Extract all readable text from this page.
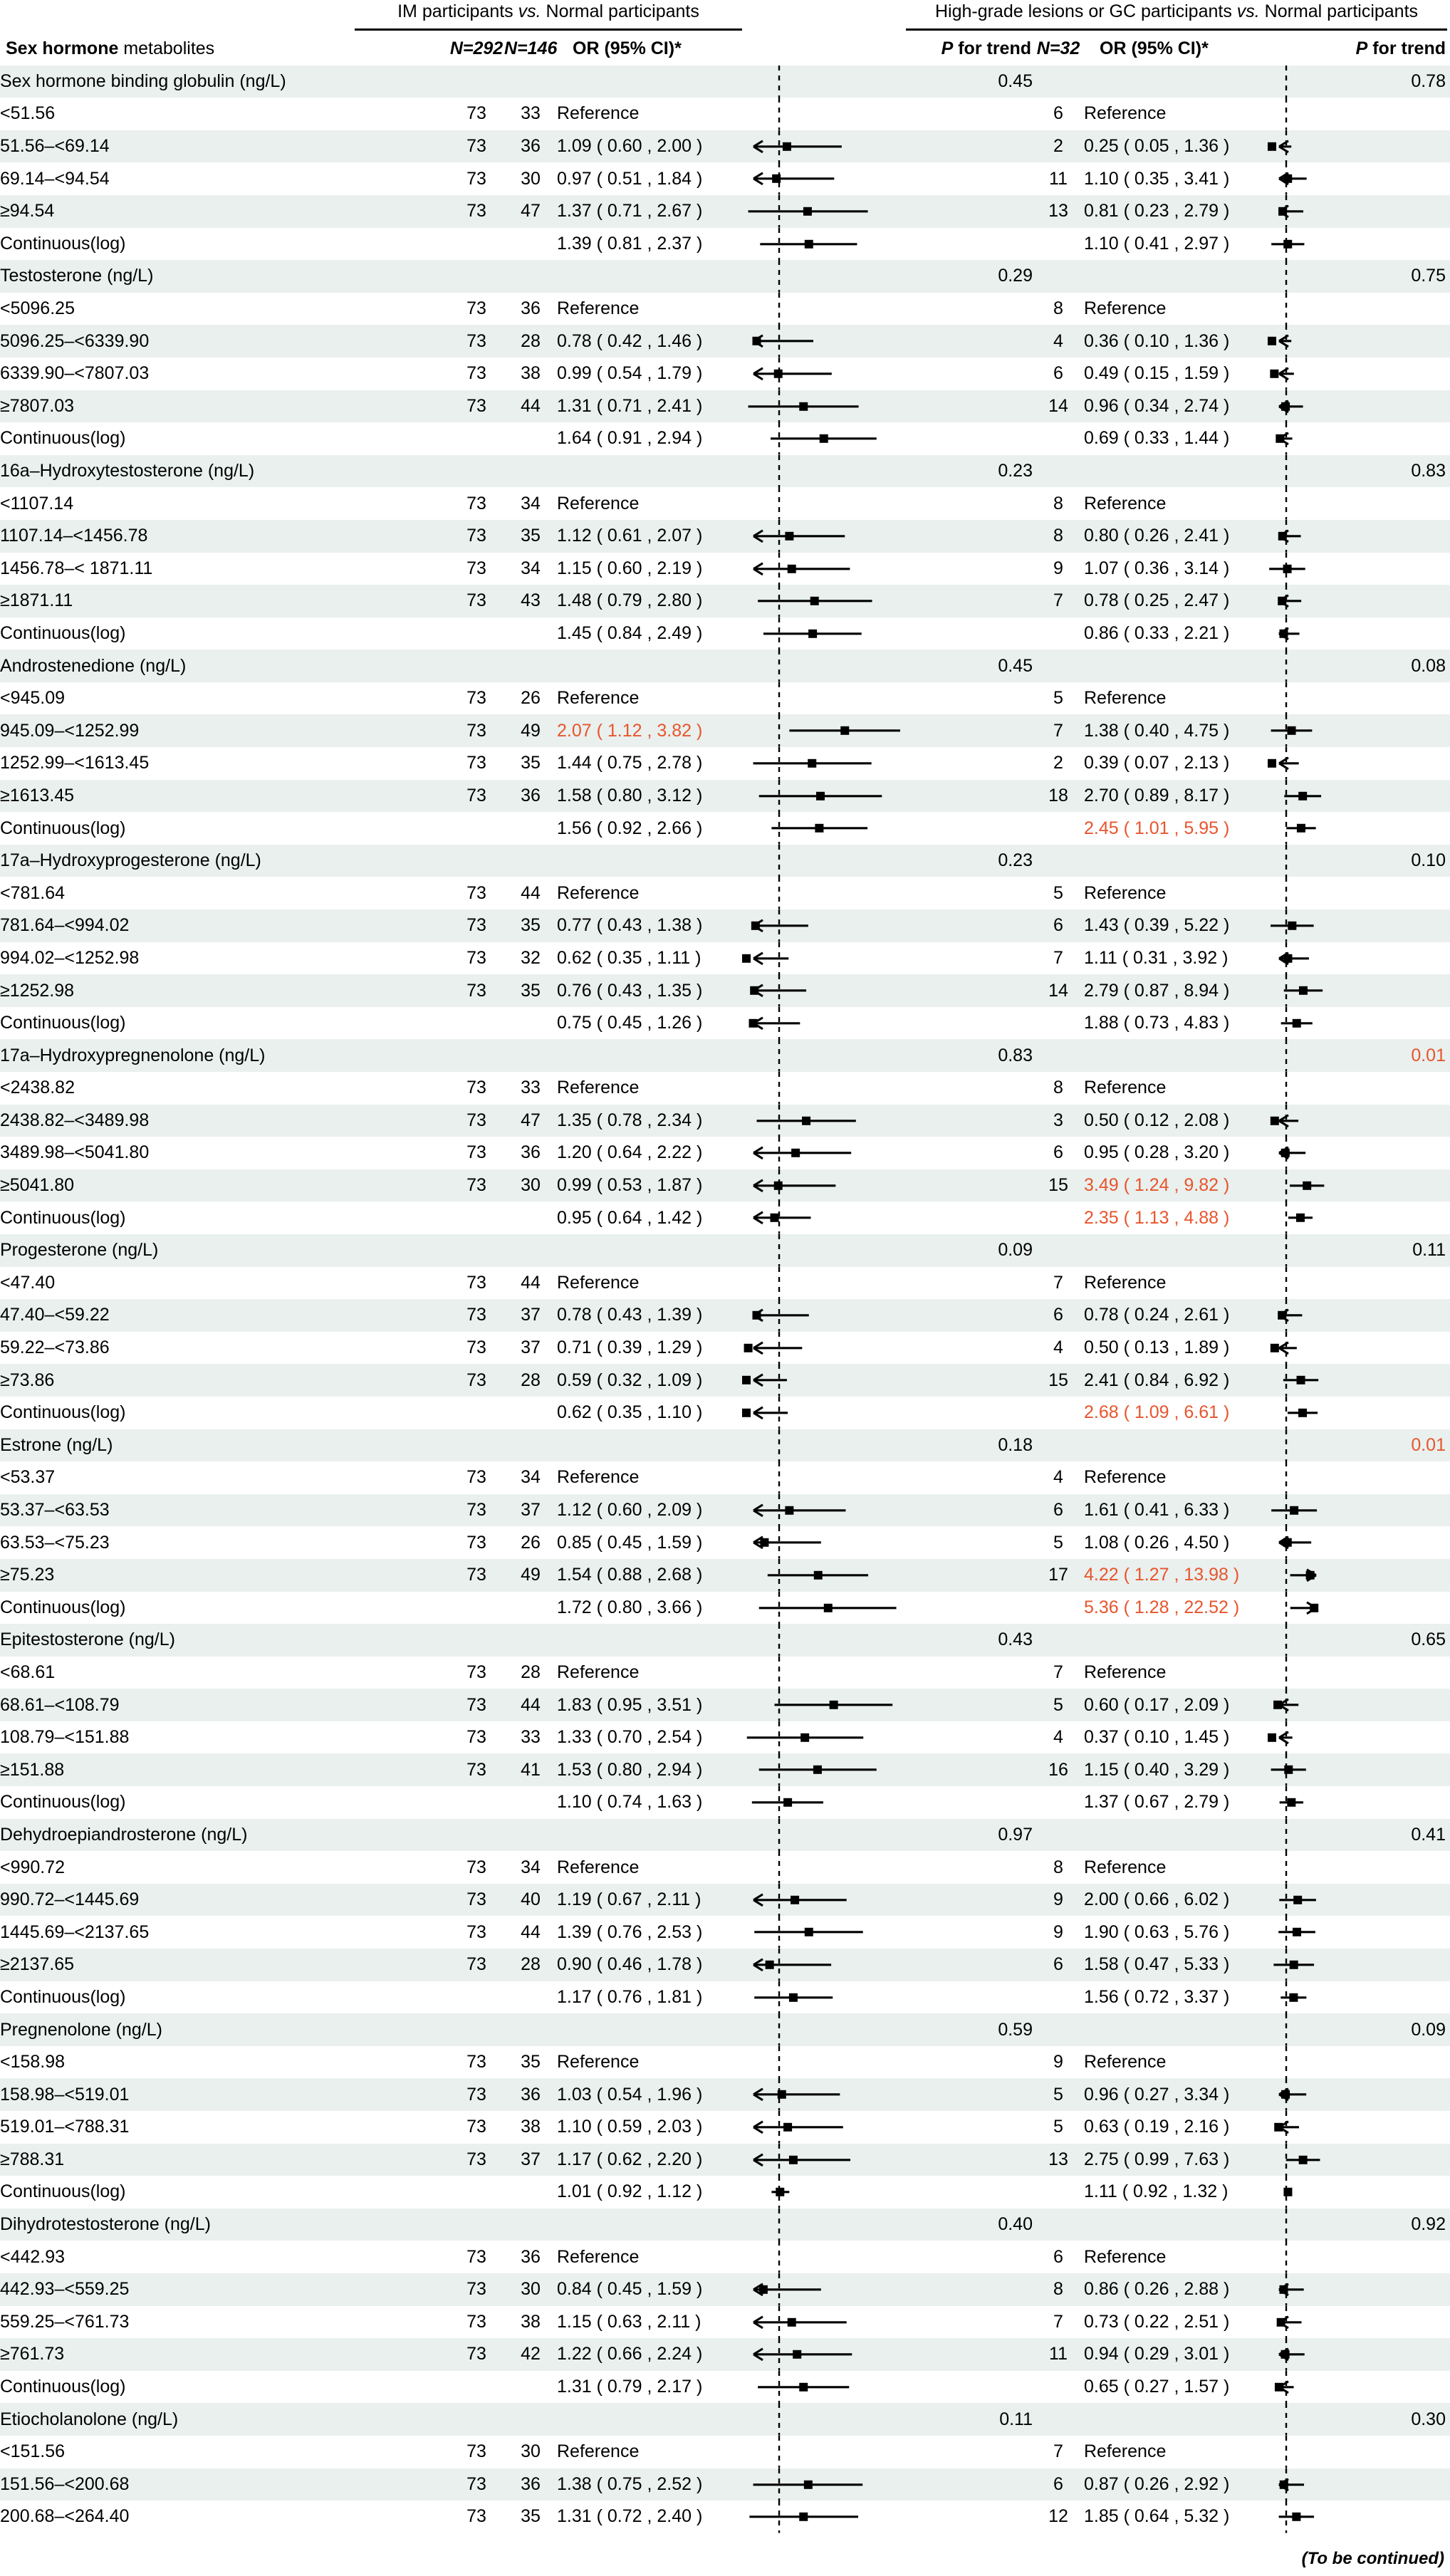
IM participants vs. Normal participants	High-grade lesions or GC participants vs. Normal participants
Sex hormone metabolites	N=292	N=146	OR (95% CI)*		P for trend	N=32	OR (95% CI)*		P for trend
Sex hormone binding globulin (ng/L)					0.45				0.78
<51.56	73	33	Reference			6	Reference	

51.56–<69.14	73	36	1.09 ( 0.60 , 2.00 )			2	0.25 ( 0.05 , 1.36 )	

69.14–<94.54	73	30	0.97 ( 0.51 , 1.84 )			11	1.10 ( 0.35 , 3.41 )	

≥94.54	73	47	1.37 ( 0.71 , 2.67 )			13	0.81 ( 0.23 , 2.79 )	

Continuous(log)			1.39 ( 0.81 , 2.37 )				1.10 ( 0.41 , 2.97 )	

Testosterone (ng/L)					0.29				0.75
<5096.25	73	36	Reference			8	Reference	

5096.25–<6339.90	73	28	0.78 ( 0.42 , 1.46 )			4	0.36 ( 0.10 , 1.36 )	

6339.90–<7807.03	73	38	0.99 ( 0.54 , 1.79 )			6	0.49 ( 0.15 , 1.59 )	

≥7807.03	73	44	1.31 ( 0.71 , 2.41 )			14	0.96 ( 0.34 , 2.74 )	

Continuous(log)			1.64 ( 0.91 , 2.94 )				0.69 ( 0.33 , 1.44 )	

16a–Hydroxytestosterone (ng/L)					0.23				0.83
<1107.14	73	34	Reference			8	Reference	

1107.14–<1456.78	73	35	1.12 ( 0.61 , 2.07 )			8	0.80 ( 0.26 , 2.41 )	

1456.78–< 1871.11	73	34	1.15 ( 0.60 , 2.19 )			9	1.07 ( 0.36 , 3.14 )	

≥1871.11	73	43	1.48 ( 0.79 , 2.80 )			7	0.78 ( 0.25 , 2.47 )	

Continuous(log)			1.45 ( 0.84 , 2.49 )				0.86 ( 0.33 , 2.21 )	

Androstenedione (ng/L)					0.45				0.08
<945.09	73	26	Reference			5	Reference	

945.09–<1252.99	73	49	2.07 ( 1.12 , 3.82 )			7	1.38 ( 0.40 , 4.75 )	

1252.99–<1613.45	73	35	1.44 ( 0.75 , 2.78 )			2	0.39 ( 0.07 , 2.13 )	

≥1613.45	73	36	1.58 ( 0.80 , 3.12 )			18	2.70 ( 0.89 , 8.17 )	

Continuous(log)			1.56 ( 0.92 , 2.66 )				2.45 ( 1.01 , 5.95 )	

17a–Hydroxyprogesterone (ng/L)					0.23				0.10
<781.64	73	44	Reference			5	Reference	

781.64–<994.02	73	35	0.77 ( 0.43 , 1.38 )			6	1.43 ( 0.39 , 5.22 )	

994.02–<1252.98	73	32	0.62 ( 0.35 , 1.11 )			7	1.11 ( 0.31 , 3.92 )	

≥1252.98	73	35	0.76 ( 0.43 , 1.35 )			14	2.79 ( 0.87 , 8.94 )	

Continuous(log)			0.75 ( 0.45 , 1.26 )				1.88 ( 0.73 , 4.83 )	

17a–Hydroxypregnenolone (ng/L)					0.83				0.01
<2438.82	73	33	Reference			8	Reference	

2438.82–<3489.98	73	47	1.35 ( 0.78 , 2.34 )			3	0.50 ( 0.12 , 2.08 )	

3489.98–<5041.80	73	36	1.20 ( 0.64 , 2.22 )			6	0.95 ( 0.28 , 3.20 )	

≥5041.80	73	30	0.99 ( 0.53 , 1.87 )			15	3.49 ( 1.24 , 9.82 )	

Continuous(log)			0.95 ( 0.64 , 1.42 )				2.35 ( 1.13 , 4.88 )	

Progesterone (ng/L)					0.09				0.11
<47.40	73	44	Reference			7	Reference	

47.40–<59.22	73	37	0.78 ( 0.43 , 1.39 )			6	0.78 ( 0.24 , 2.61 )	

59.22–<73.86	73	37	0.71 ( 0.39 , 1.29 )			4	0.50 ( 0.13 , 1.89 )	

≥73.86	73	28	0.59 ( 0.32 , 1.09 )			15	2.41 ( 0.84 , 6.92 )	

Continuous(log)			0.62 ( 0.35 , 1.10 )				2.68 ( 1.09 , 6.61 )	

Estrone (ng/L)					0.18				0.01
<53.37	73	34	Reference			4	Reference	

53.37–<63.53	73	37	1.12 ( 0.60 , 2.09 )			6	1.61 ( 0.41 , 6.33 )	

63.53–<75.23	73	26	0.85 ( 0.45 , 1.59 )			5	1.08 ( 0.26 , 4.50 )	

≥75.23	73	49	1.54 ( 0.88 , 2.68 )			17	4.22 ( 1.27 , 13.98 )	

Continuous(log)			1.72 ( 0.80 , 3.66 )				5.36 ( 1.28 , 22.52 )	

Epitestosterone (ng/L)					0.43				0.65
<68.61	73	28	Reference			7	Reference	

68.61–<108.79	73	44	1.83 ( 0.95 , 3.51 )			5	0.60 ( 0.17 , 2.09 )	

108.79–<151.88	73	33	1.33 ( 0.70 , 2.54 )			4	0.37 ( 0.10 , 1.45 )	

≥151.88	73	41	1.53 ( 0.80 , 2.94 )			16	1.15 ( 0.40 , 3.29 )	

Continuous(log)			1.10 ( 0.74 , 1.63 )				1.37 ( 0.67 , 2.79 )	

Dehydroepiandrosterone (ng/L)					0.97				0.41
<990.72	73	34	Reference			8	Reference	

990.72–<1445.69	73	40	1.19 ( 0.67 , 2.11 )			9	2.00 ( 0.66 , 6.02 )	

1445.69–<2137.65	73	44	1.39 ( 0.76 , 2.53 )			9	1.90 ( 0.63 , 5.76 )	

≥2137.65	73	28	0.90 ( 0.46 , 1.78 )			6	1.58 ( 0.47 , 5.33 )	

Continuous(log)			1.17 ( 0.76 , 1.81 )				1.56 ( 0.72 , 3.37 )	

Pregnenolone (ng/L)					0.59				0.09
<158.98	73	35	Reference			9	Reference	

158.98–<519.01	73	36	1.03 ( 0.54 , 1.96 )			5	0.96 ( 0.27 , 3.34 )	

519.01–<788.31	73	38	1.10 ( 0.59 , 2.03 )			5	0.63 ( 0.19 , 2.16 )	

≥788.31	73	37	1.17 ( 0.62 , 2.20 )			13	2.75 ( 0.99 , 7.63 )	

Continuous(log)			1.01 ( 0.92 , 1.12 )				1.11 ( 0.92 , 1.32 )	

Dihydrotestosterone (ng/L)					0.40				0.92
<442.93	73	36	Reference			6	Reference	

442.93–<559.25	73	30	0.84 ( 0.45 , 1.59 )			8	0.86 ( 0.26 , 2.88 )	

559.25–<761.73	73	38	1.15 ( 0.63 , 2.11 )			7	0.73 ( 0.22 , 2.51 )	

≥761.73	73	42	1.22 ( 0.66 , 2.24 )			11	0.94 ( 0.29 , 3.01 )	

Continuous(log)			1.31 ( 0.79 , 2.17 )				0.65 ( 0.27 , 1.57 )	

Etiocholanolone (ng/L)					0.11				0.30
<151.56	73	30	Reference			7	Reference	

151.56–<200.68	73	36	1.38 ( 0.75 , 2.52 )			6	0.87 ( 0.26 , 2.92 )	

200.68–<264.40	73	35	1.31 ( 0.72 , 2.40 )			12	1.85 ( 0.64 , 5.32 )	

(To be continued)
